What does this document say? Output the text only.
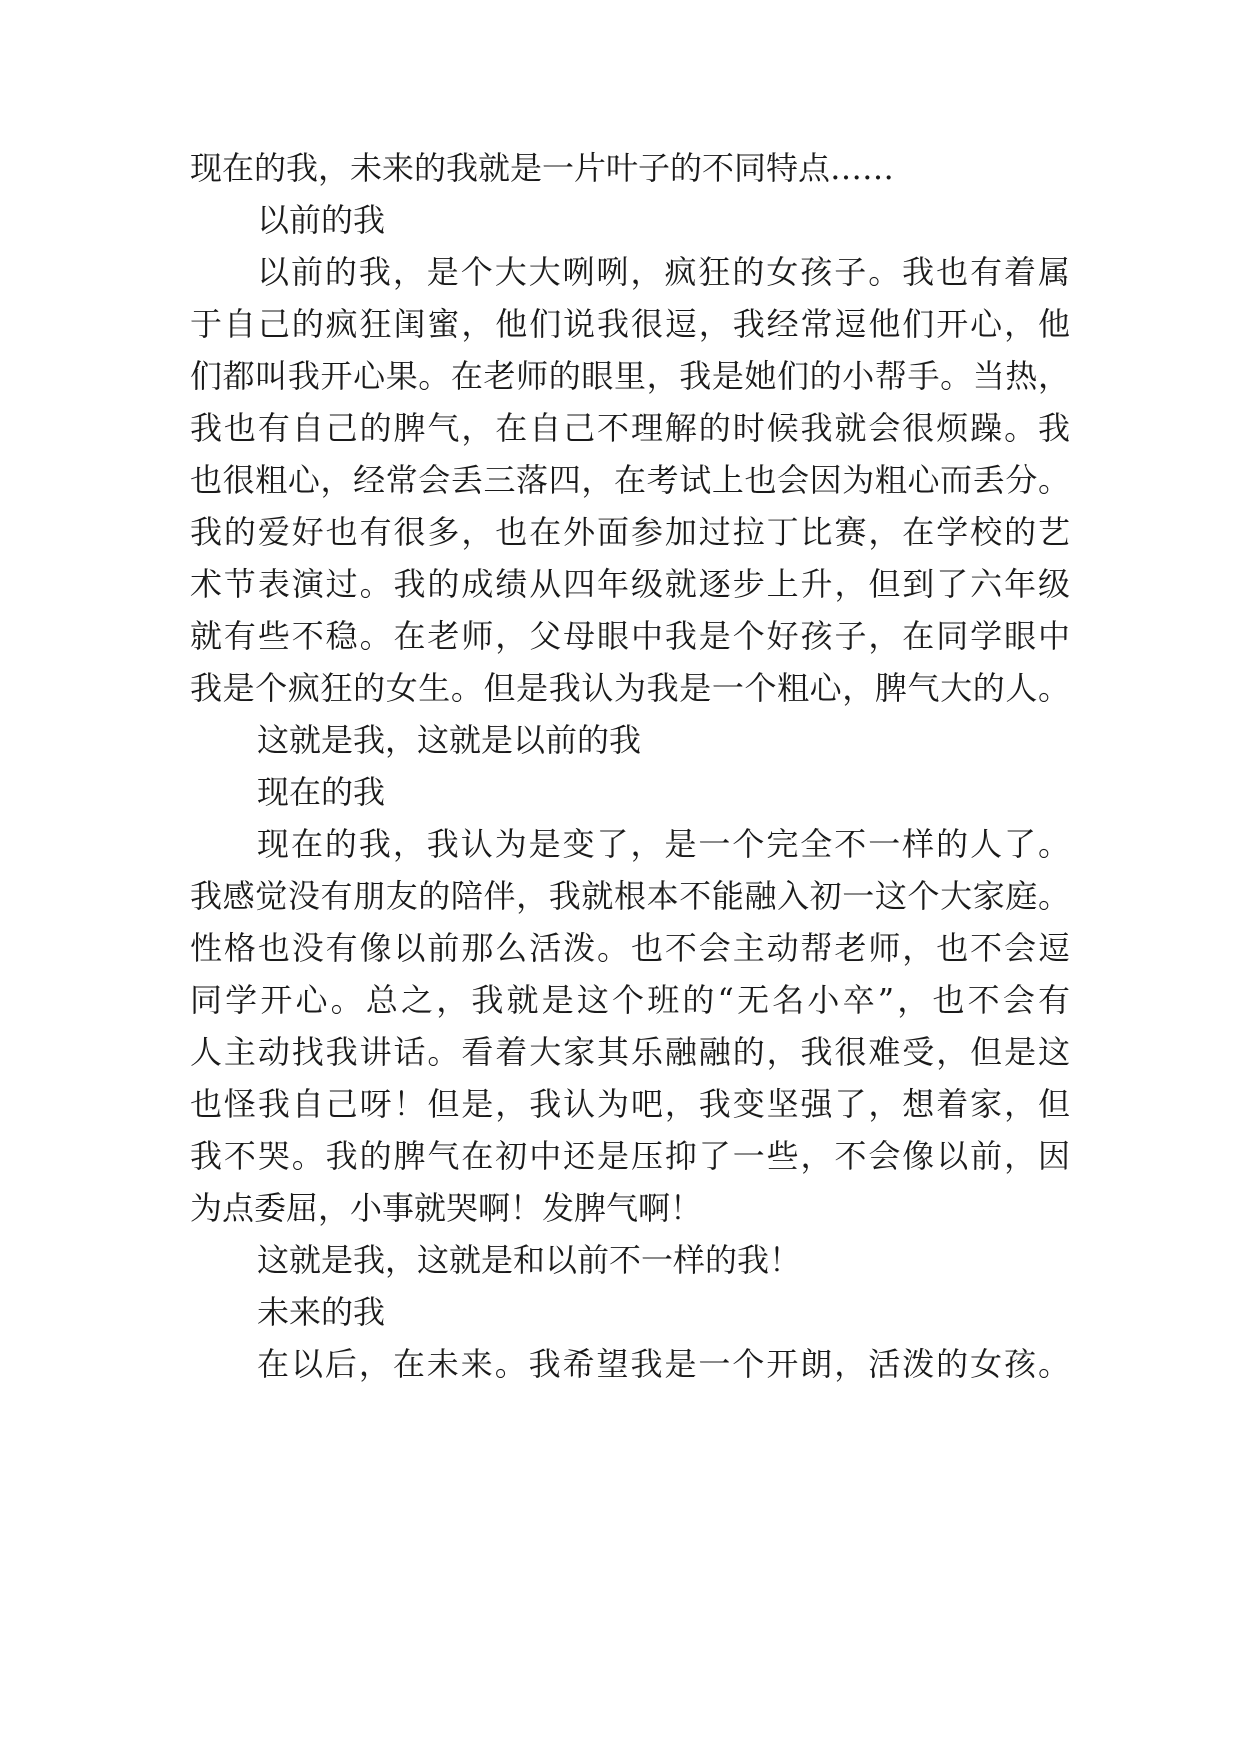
现在的我，未来的我就是一片叶子的不同特点……
以前的我
以前的我，是个大大咧咧，疯狂的女孩子。我也有着属
于自己的疯狂闺蜜，他们说我很逗，我经常逗他们开心，他
们都叫我开心果。在老师的眼里，我是她们的小帮手。当热，
我也有自己的脾气，在自己不理解的时候我就会很烦躁。我
也很粗心，经常会丢三落四，在考试上也会因为粗心而丢分。
我的爱好也有很多，也在外面参加过拉丁比赛，在学校的艺
术节表演过。我的成绩从四年级就逐步上升，但到了六年级
就有些不稳。在老师，父母眼中我是个好孩子，在同学眼中
我是个疯狂的女生。但是我认为我是一个粗心，脾气大的人。
这就是我，这就是以前的我
现在的我
现在的我，我认为是变了，是一个完全不一样的人了。
我感觉没有朋友的陪伴，我就根本不能融入初一这个大家庭。
性格也没有像以前那么活泼。也不会主动帮老师，也不会逗
同学开心。总之，我就是这个班的“无名小卒”，也不会有
人主动找我讲话。看着大家其乐融融的，我很难受，但是这
也怪我自己呀！但是，我认为吧，我变坚强了，想着家，但
我不哭。我的脾气在初中还是压抑了一些，不会像以前，因
为点委屈，小事就哭啊！发脾气啊！
这就是我，这就是和以前不一样的我！
未来的我
在以后，在未来。我希望我是一个开朗，活泼的女孩。
